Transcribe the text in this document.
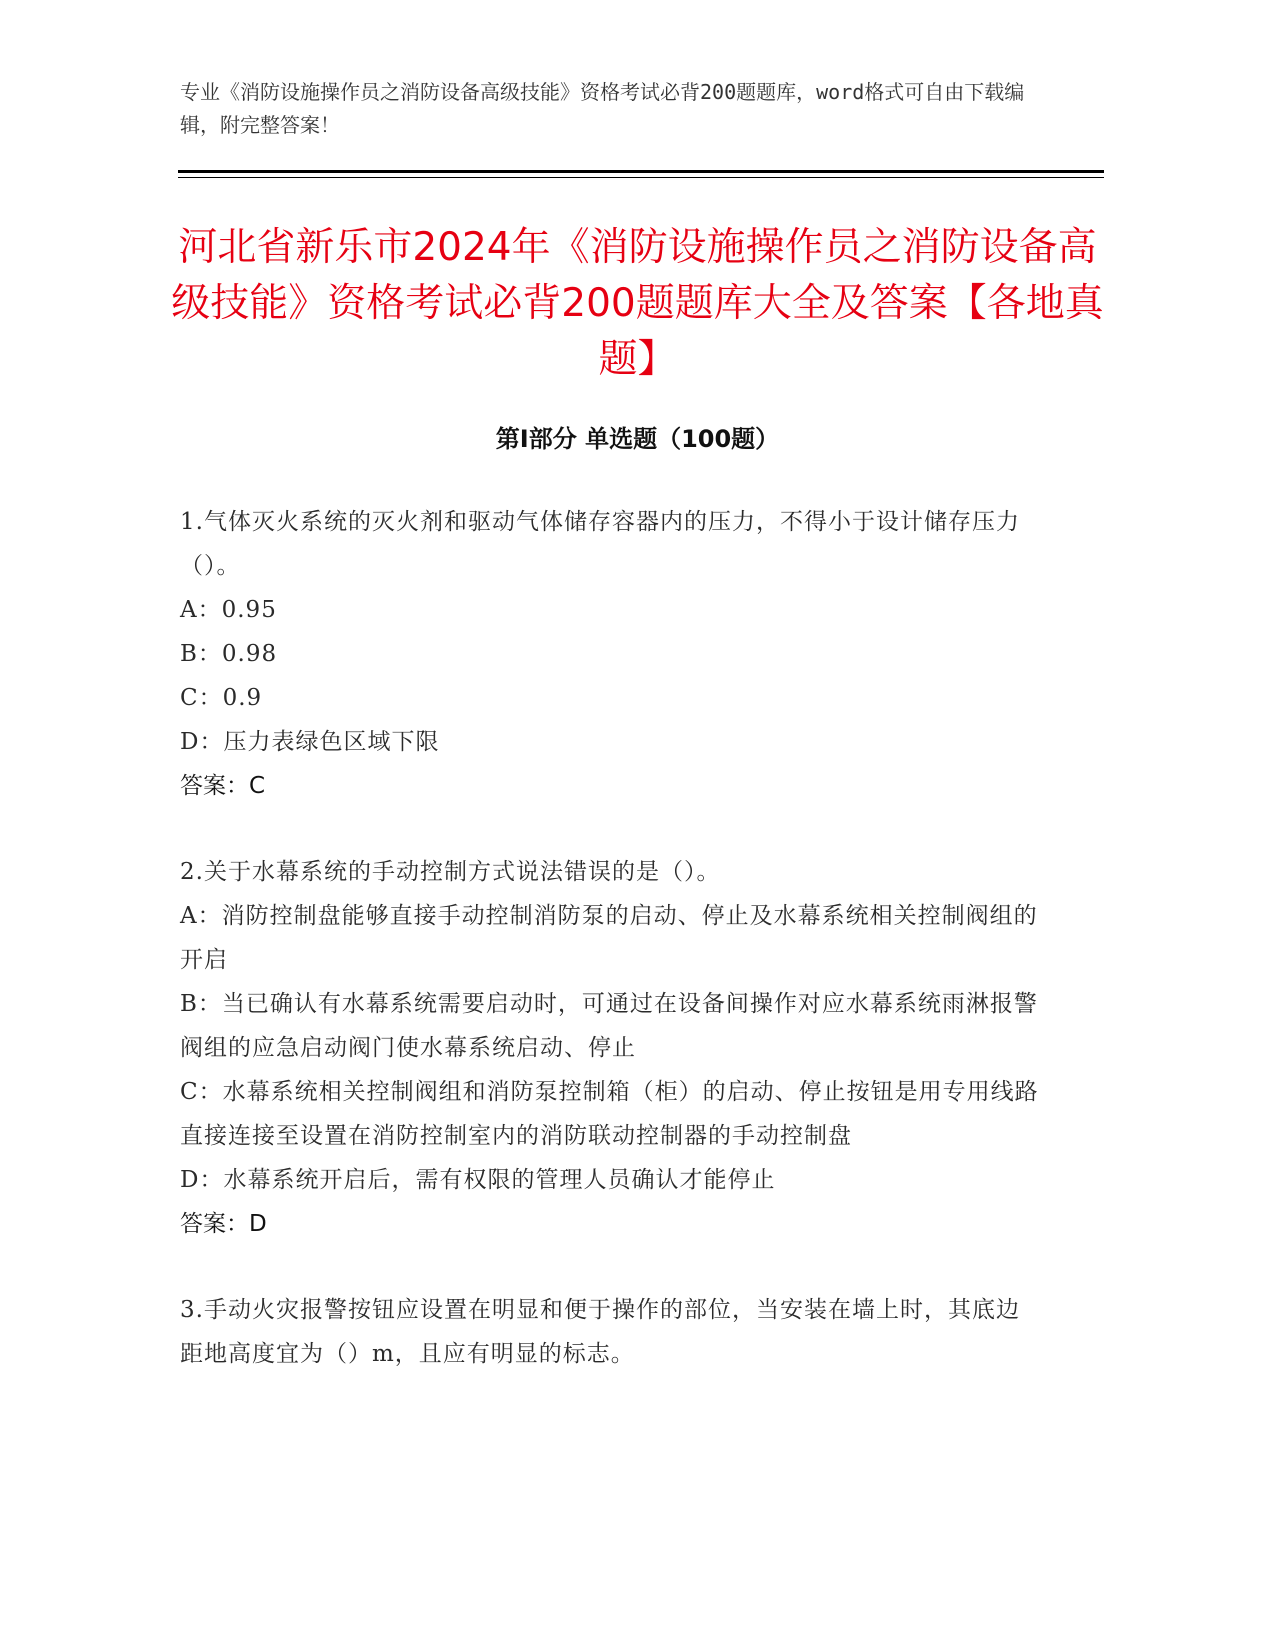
专业《消防设施操作员之消防设备高级技能》资格考试必背200题题库，word格式可自由下载编辑，附完整答案！
河北省新乐市2024年《消防设施操作员之消防设备高级技能》资格考试必背200题题库大全及答案【各地真题】
第I部分 单选题（100题）
1.气体灭火系统的灭火剂和驱动气体储存容器内的压力，不得小于设计储存压力（）。
A：0.95
B：0.98
C：0.9
D：压力表绿色区域下限
答案：C
2.关于水幕系统的手动控制方式说法错误的是（）。
A：消防控制盘能够直接手动控制消防泵的启动、停止及水幕系统相关控制阀组的开启
B：当已确认有水幕系统需要启动时，可通过在设备间操作对应水幕系统雨淋报警阀组的应急启动阀门使水幕系统启动、停止
C：水幕系统相关控制阀组和消防泵控制箱（柜）的启动、停止按钮是用专用线路直接连接至设置在消防控制室内的消防联动控制器的手动控制盘
D：水幕系统开启后，需有权限的管理人员确认才能停止
答案：D
3.手动火灾报警按钮应设置在明显和便于操作的部位，当安装在墙上时，其底边距地高度宜为（）m，且应有明显的标志。
